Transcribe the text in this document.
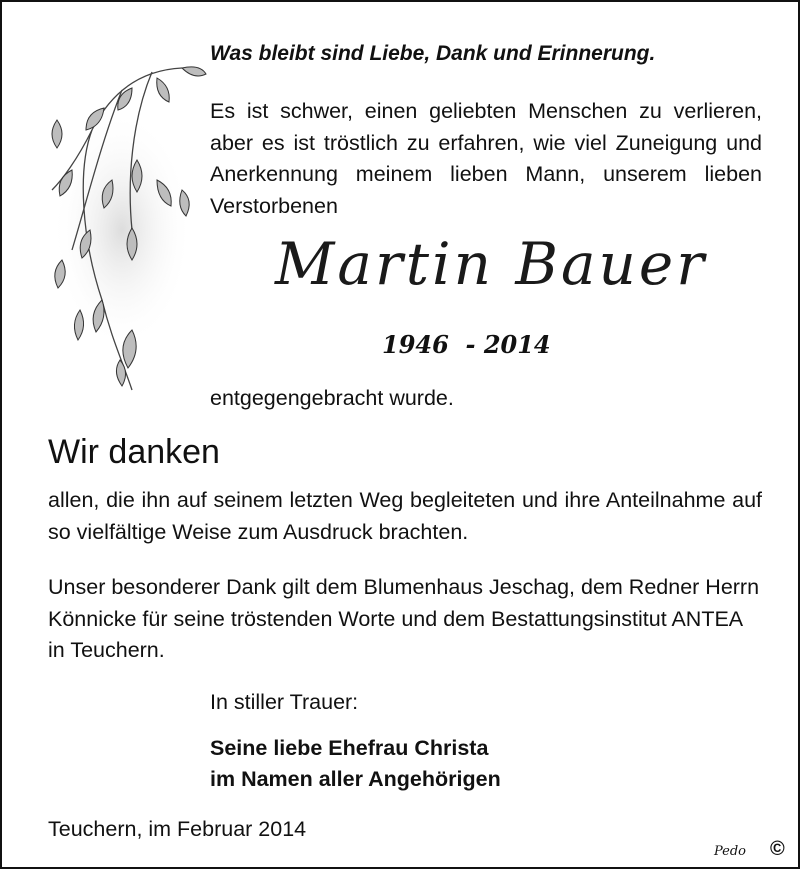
Was bleibt sind Liebe, Dank und Erinnerung.
Es ist schwer, einen geliebten Menschen zu verlieren, aber es ist tröstlich zu erfahren, wie viel Zuneigung und Anerkennung meinem lieben Mann, unserem lieben Verstorbenen
Martin Bauer
1946  - 2014
entgegengebracht wurde.
Wir danken
allen, die ihn auf seinem letzten Weg begleiteten und ihre Anteilnahme auf so vielfältige Weise zum Ausdruck brachten.
Unser besonderer Dank gilt dem Blumenhaus Jeschag, dem Redner Herrn Könnicke für seine tröstenden Worte und dem Bestattungsinstitut ANTEA in Teuchern.
In stiller Trauer:
Seine liebe Ehefrau Christa
im Namen aller Angehörigen
Teuchern, im Februar 2014
Pedo ©
